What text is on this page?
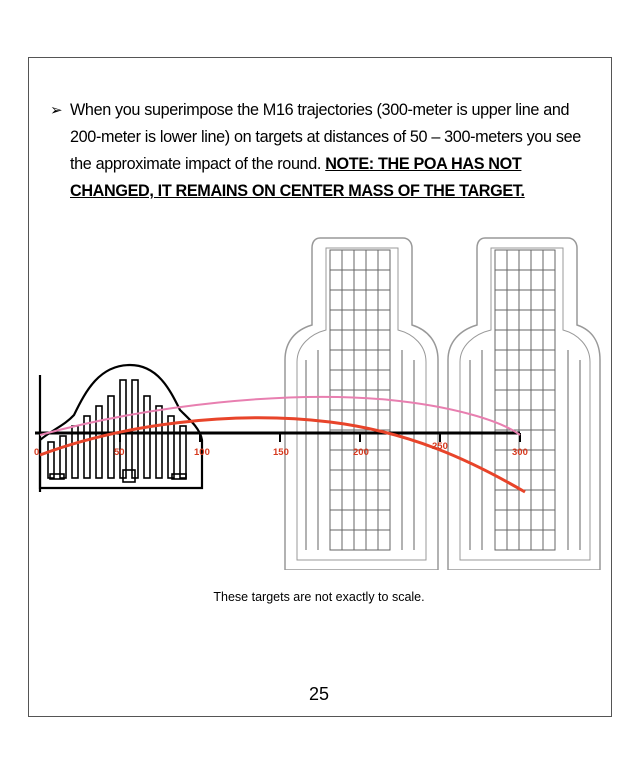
➢ When you superimpose the M16 trajectories (300-meter is upper line and 200-meter is lower line) on targets at distances of 50 – 300-meters you see the approximate impact of the round. NOTE: THE POA HAS NOT CHANGED, IT REMAINS ON CENTER MASS OF THE TARGET.
0	50	100	150	200
250
300
These targets are not exactly to scale.
25
